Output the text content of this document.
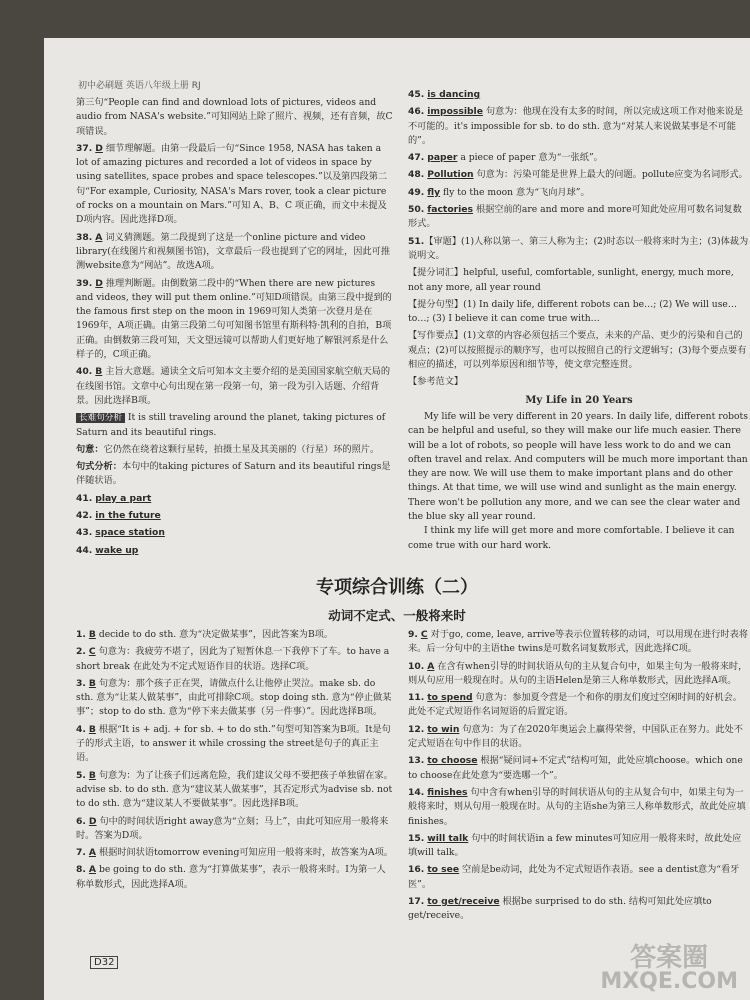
初中必刷题 英语八年级上册 RJ
第三句“People can find and download lots of pictures, videos and audio from NASA's website.”可知网站上除了照片、视频，还有音频，故C项错误。
37. D 细节理解题。由第一段最后一句“Since 1958, NASA has taken a lot of amazing pictures and recorded a lot of videos in space by using satellites, space probes and space telescopes.”以及第四段第二句“For example, Curiosity, NASA's Mars rover, took a clear picture of rocks on a mountain on Mars.”可知 A、B、C 项正确，而文中未提及D项内容。因此选择D项。
38. A 词义猜测题。第二段提到了这是一个online picture and video library(在线图片和视频图书馆)，文章最后一段也提到了它的网址，因此可推测website意为“网站”。故选A项。
39. D 推理判断题。由倒数第二段中的“When there are new pictures and videos, they will put them online.”可知D项错误。由第三段中提到的the famous first step on the moon in 1969可知人类第一次登月是在1969年，A项正确。由第三段第二句可知图书馆里有斯科特·凯利的自拍，B项正确。由倒数第三段可知，天文望远镜可以帮助人们更好地了解银河系是什么样子的，C项正确。
40. B 主旨大意题。通读全文后可知本文主要介绍的是美国国家航空航天局的在线图书馆。文章中心句出现在第一段第一句，第一段为引入话题、介绍背景。因此选择B项。
长难句分析 It is still traveling around the planet, taking pictures of Saturn and its beautiful rings.
句意：它仍然在绕着这颗行星转，拍摄土星及其美丽的（行星）环的照片。
句式分析：本句中的taking pictures of Saturn and its beautiful rings是伴随状语。
41. play a part
42. in the future
43. space station
44. wake up
45. is dancing
46. impossible 句意为：他现在没有太多的时间，所以完成这项工作对他来说是不可能的。it's impossible for sb. to do sth. 意为“对某人来说做某事是不可能的”。
47. paper a piece of paper 意为“一张纸”。
48. Pollution 句意为：污染可能是世界上最大的问题。pollute应变为名词形式。
49. fly fly to the moon 意为“飞向月球”。
50. factories 根据空前的are and more and more可知此处应用可数名词复数形式。
51.【审题】(1)人称以第一、第三人称为主；(2)时态以一般将来时为主；(3)体裁为说明文。
【提分词汇】helpful, useful, comfortable, sunlight, energy, much more, not any more, all year round
【提分句型】(1) In daily life, different robots can be…; (2) We will use…to…; (3) I believe it can come true with…
【写作要点】(1)文章的内容必须包括三个要点，未来的产品、更少的污染和自己的观点；(2)可以按照提示的顺序写，也可以按照自己的行文逻辑写；(3)每个要点要有相应的描述，可以列举原因和细节等，使文章完整连贯。
【参考范文】
My Life in 20 Years

My life will be very different in 20 years. In daily life, different robots can be helpful and useful, so they will make our life much easier. There will be a lot of robots, so people will have less work to do and we can often travel and relax. And computers will be much more important than they are now. We will use them to make important plans and do other things. At that time, we will use wind and sunlight as the main energy. There won't be pollution any more, and we can see the clear water and the blue sky all year round.

I think my life will get more and more comfortable. I believe it can come true with our hard work.

专项综合训练（二）
动词不定式、一般将来时
1. B decide to do sth. 意为“决定做某事”，因此答案为B项。
2. C 句意为：我疲劳不堪了，因此为了短暂休息一下我停下了车。to have a short break 在此处为不定式短语作目的状语。选择C项。
3. B 句意为：那个孩子正在哭，请做点什么让他停止哭泣。make sb. do sth. 意为“让某人做某事”，由此可排除C项。stop doing sth. 意为“停止做某事”；stop to do sth. 意为“停下来去做某事（另一件事）”。因此选择B项。
4. B 根据“It is + adj. + for sb. + to do sth.”句型可知答案为B项。It是句子的形式主语，to answer it while crossing the street是句子的真正主语。
5. B 句意为：为了让孩子们远离危险，我们建议父母不要把孩子单独留在家。advise sb. to do sth. 意为“建议某人做某事”，其否定形式为advise sb. not to do sth. 意为“建议某人不要做某事”。因此选择B项。
6. D 句中的时间状语right away意为“立刻；马上”，由此可知应用一般将来时。答案为D项。
7. A 根据时间状语tomorrow evening可知应用一般将来时，故答案为A项。
8. A be going to do sth. 意为“打算做某事”，表示一般将来时。I为第一人称单数形式，因此选择A项。
9. C 对于go, come, leave, arrive等表示位置转移的动词，可以用现在进行时表将来。后一分句中的主语the twins是可数名词复数形式，因此选择C项。
10. A 在含有when引导的时间状语从句的主从复合句中，如果主句为一般将来时，则从句应用一般现在时。从句的主语Helen是第三人称单数形式，因此选择A项。
11. to spend 句意为：参加夏令营是一个和你的朋友们度过空闲时间的好机会。此处不定式短语作名词短语的后置定语。
12. to win 句意为：为了在2020年奥运会上赢得荣誉，中国队正在努力。此处不定式短语在句中作目的状语。
13. to choose 根据“疑问词+不定式”结构可知，此处应填choose。which one to choose在此处意为“要选哪一个”。
14. finishes 句中含有when引导的时间状语从句的主从复合句中，如果主句为一般将来时，则从句用一般现在时。从句的主语she为第三人称单数形式，故此处应填finishes。
15. will talk 句中的时间状语in a few minutes可知应用一般将来时，故此处应填will talk。
16. to see 空前是be动词，此处为不定式短语作表语。see a dentist意为“看牙医”。
17. to get/receive 根据be surprised to do sth. 结构可知此处应填to get/receive。
D32	答案圈
MXQE.COM
